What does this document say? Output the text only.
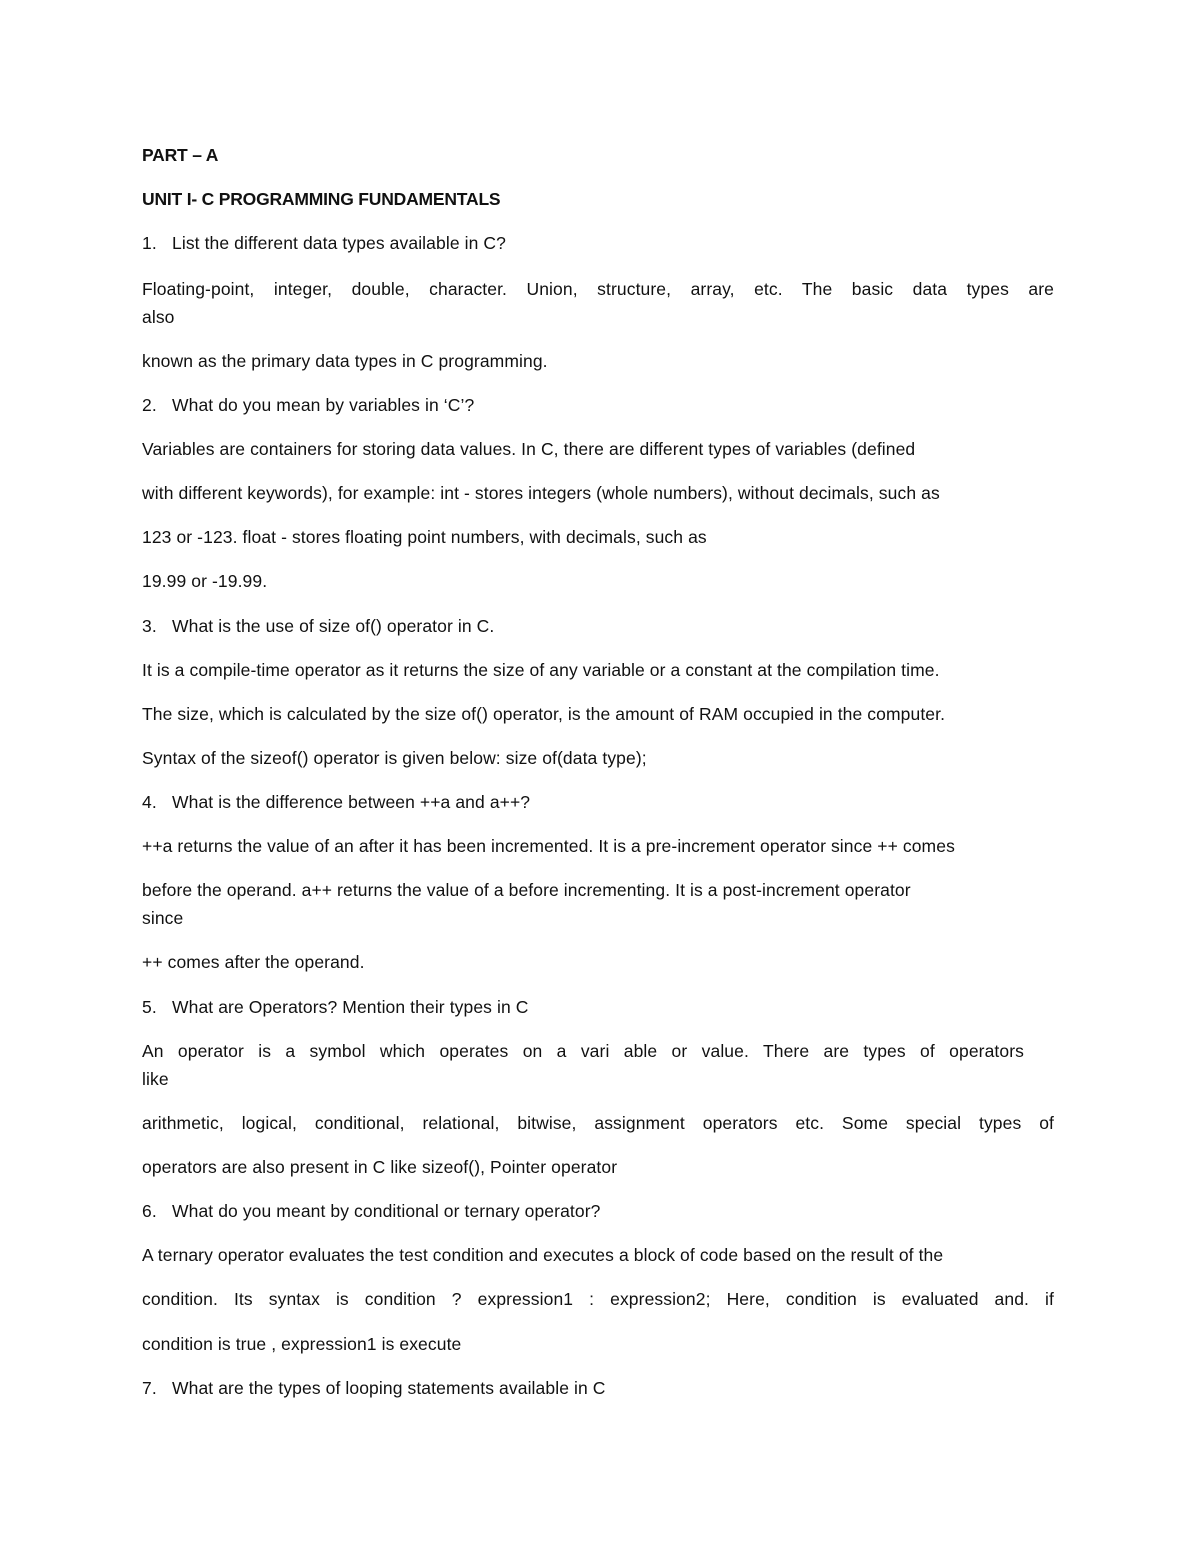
PART – A
UNIT I- C PROGRAMMING FUNDAMENTALS
1. List the different data types available in C?
Floating-point, integer, double, character. Union, structure, array, etc. The basic data types are
also
known as the primary data types in C programming.
2. What do you mean by variables in ‘C’?
Variables are containers for storing data values. In C, there are different types of variables (defined
with different keywords), for example: int - stores integers (whole numbers), without decimals, such as
123 or -123. float - stores floating point numbers, with decimals, such as
19.99 or -19.99.
3. What is the use of size of() operator in C.
It is a compile-time operator as it returns the size of any variable or a constant at the compilation time.
The size, which is calculated by the size of() operator, is the amount of RAM occupied in the computer.
Syntax of the sizeof() operator is given below: size of(data type);
4. What is the difference between ++a and a++?
++a returns the value of an after it has been incremented. It is a pre-increment operator since ++ comes
before the operand. a++ returns the value of a before incrementing. It is a post-increment operator
since
++ comes after the operand.
5. What are Operators? Mention their types in C
An operator is a symbol which operates on a vari able or value. There are types of operators
like
arithmetic, logical, conditional, relational, bitwise, assignment operators etc. Some special types of
operators are also present in C like sizeof(), Pointer operator
6. What do you meant by conditional or ternary operator?
A ternary operator evaluates the test condition and executes a block of code based on the result of the
condition. Its syntax is condition ? expression1 : expression2; Here, condition is evaluated and. if
condition is true , expression1 is execute
7. What are the types of looping statements available in C
